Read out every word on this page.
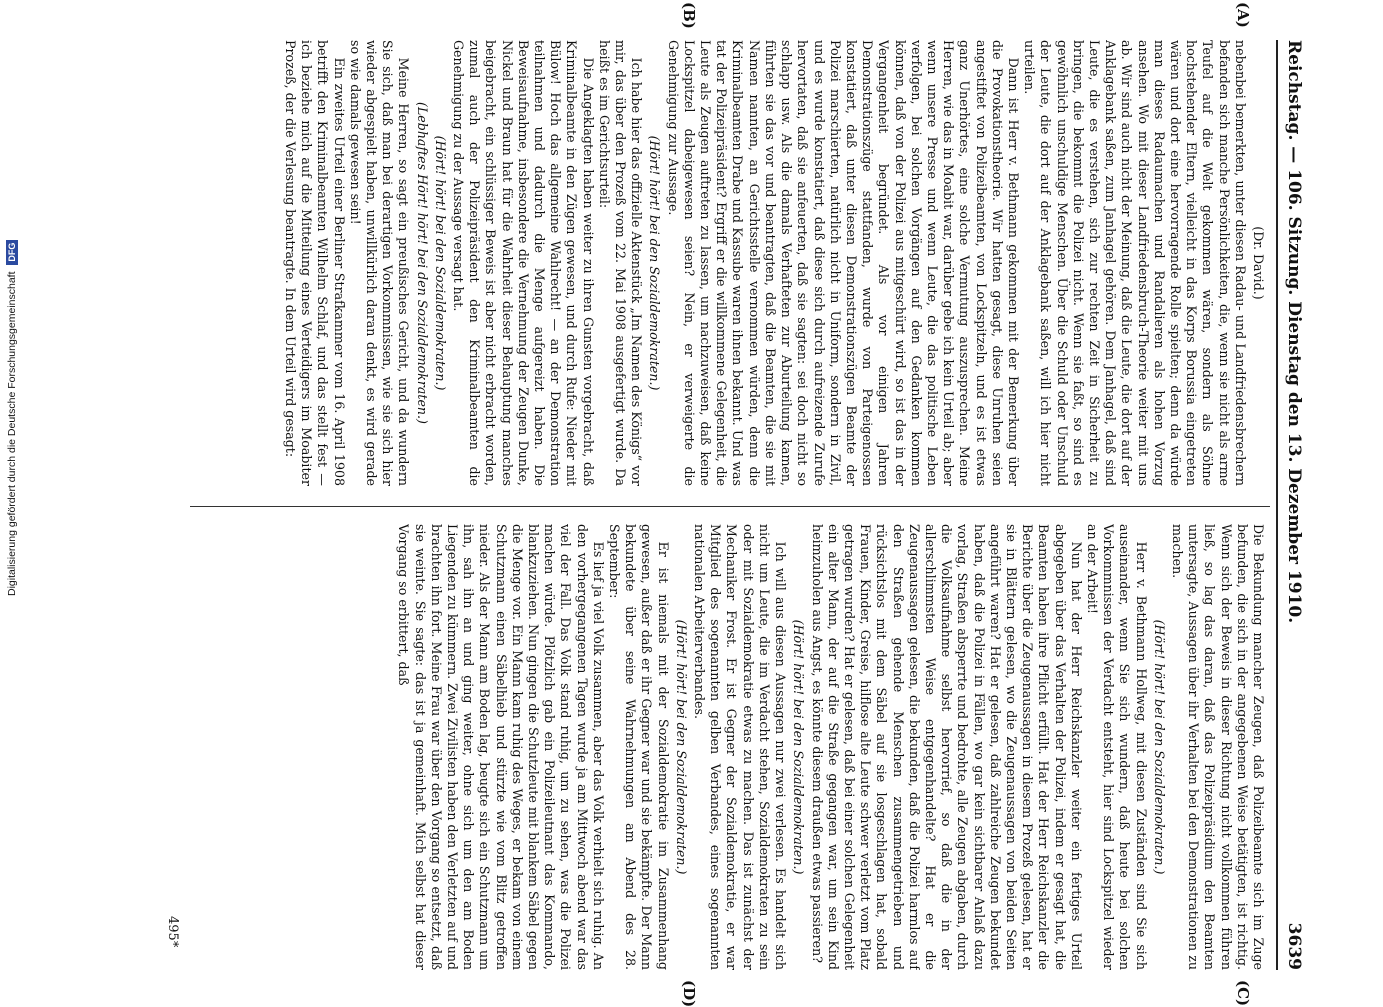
Reichstag. — 106. Sitzung. Dienstag den 13. Dezember 1910.
3639
(A)
(B)
(C)
(D)
(Dr. David.)

nebenbei bemerkten, unter diesen Radau- und Landfriedensbrechern befanden sich manche Persönlichkeiten, die, wenn sie nicht als arme Teufel auf die Welt gekommen wären, sondern als Söhne hochstehender Eltern, vielleicht in das Korps Borussia eingetreten wären und dort eine hervorragende Rolle spielten; denn da würde man dieses Radaumachen und Randalieren als hohen Vorzug ansehen. Wo mit dieser Landfriedensbruch-Theorie weiter mit uns ab. Wir sind auch nicht der Meinung, daß die Leute, die dort auf der Anklagebank saßen, zum Janhagel gehören. Dem Janhagel, daß sind Leute, die es verstehen, sich zur rechten Zeit in Sicherheit zu bringen, die bekommt die Polizei nicht. Wenn sie faßt, so sind es gewöhnlich unschuldige Menschen. Über die Schuld oder Unschuld der Leute, die dort auf der Anklagebank saßen, will ich hier nicht urteilen.

Dann ist Herr v. Bethmann gekommen mit der Bemerkung über die Provokationstheorie. Wir hatten gesagt, diese Unruhen seien angestiftet von Polizeibeamten, von Lockspitzeln, und es ist etwas ganz Unerhörtes, eine solche Vermutung auszusprechen. Meine Herren, wie das in Moabit war, darüber gebe ich kein Urteil ab; aber wenn unsere Presse und wenn Leute, die das politische Leben verfolgen, bei solchen Vorgängen auf den Gedanken kommen können, daß von der Polizei aus mitgeschürt wird, so ist das in der Vergangenheit begründet. Als vor einigen Jahren Demonstrationszüge stattfanden, wurde von Parteigenossen konstatiert, daß unter diesen Demonstrationszügen Beamte der Polizei marschierten, natürlich nicht in Uniform, sondern in Zivil, und es wurde konstatiert, daß diese sich durch aufreizende Zurufe hervortaten, daß sie anfeuerten, daß sie sagten: sei doch nicht so schlapp usw. Als die damals Verhafteten zur Aburteilung kamen, führten sie das vor und beantragten, daß die Beamten, die sie mit Namen nannten, an Gerichtsstelle vernommen würden, denn die Kriminalbeamten Drabe und Kassube waren ihnen bekannt. Und was tat der Polizeipräsident? Ergriff er die willkommene Gelegenheit, die Leute als Zeugen auftreten zu lassen, um nachzuweisen, daß keine Lockspitzel dabeigewesen seien? Nein, er verweigerte die Genehmigung zur Aussage.

(Hört! hört! bei den Sozialdemokraten.)

Ich habe hier das offizielle Aktenstück „Im Namen des Königs“ vor mir, das über den Prozeß vom 22. Mai 1908 ausgefertigt wurde. Da heißt es im Gerichtsurteil:

Die Angeklagten haben weiter zu ihren Gunsten vorgebracht, daß Kriminalbeamte in den Zügen gewesen, und durch Rufe: Nieder mit Bülow! Hoch das allgemeine Wahlrecht! — an der Demonstration teilnahmen und dadurch die Menge aufgereizt haben. Die Beweisaufnahme, insbesondere die Vernehmung der Zeugen Dunke, Nickel und Braun hat für die Wahrheit dieser Behauptung manches beigebracht, ein schlüssiger Beweis ist aber nicht erbracht worden, zumal auch der Polizeipräsident den Kriminalbeamten die Genehmigung zu der Aussage versagt hat.

(Hört! hört! bei den Sozialdemokraten.)
(Lebhaftes Hört! hört! bei den Sozialdemokraten.)

Meine Herren, so sagt ein preußisches Gericht, und da wundern Sie sich, daß man bei derartigen Vorkommnissen, wie sie sich hier wieder abgespielt haben, unwillkürlich daran denkt, es wird gerade so wie damals gewesen sein!

Ein zweites Urteil einer Berliner Strafkammer vom 16. April 1908 betrifft den Kriminalbeamten Wilhelm Schlaf, und das stellt fest — ich beziehe mich auf die Mitteilung eines Verteidigers im Moabiter Prozeß, der die Verlesung beantragte. In dem Urteil wird gesagt:

Die Bekundung mancher Zeugen, daß Polizeibeamte sich im Zuge befunden, die sich in der angegebenen Weise betätigten, ist richtig. Wenn sich der Beweis in dieser Richtung nicht vollkommen führen ließ, so lag das daran, daß das Polizeipräsidium den Beamten untersagte, Aussagen über ihr Verhalten bei den Demonstrationen zu machen.

(Hört! hört! bei den Sozialdemokraten.)

Herr v. Bethmann Hollweg, mit diesen Zuständen sind Sie sich auseinander, wenn Sie sich wundern, daß heute bei solchen Vorkommnissen der Verdacht entsteht, hier sind Lockspitzel wieder an der Arbeit!

Nun hat der Herr Reichskanzler weiter ein fertiges Urteil abgegeben über das Verhalten der Polizei, indem er gesagt hat, die Beamten haben ihre Pflicht erfüllt. Hat der Herr Reichskanzler die Berichte über die Zeugenaussagen in diesem Prozeß gelesen, hat er sie in Blättern gelesen, wo die Zeugenaussagen von beiden Seiten angeführt waren? Hat er gelesen, daß zahlreiche Zeugen bekundet haben, daß die Polizei in Fällen, wo gar kein sichtbarer Anlaß dazu vorlag, Straßen absperrte und bedrohte, alle Zeugen abgaben, durch die Volksaufnahme selbst hervorrief, so daß die in der allerschlimmsten Weise entgegenhandelte? Hat er die Zeugenaussagen gelesen, die bekunden, daß die Polizei harmlos auf den Straßen gehende Menschen zusammengetrieben und rücksichtslos mit dem Säbel auf sie losgeschlagen hat, sobald Frauen, Kinder, Greise, hilflose alte Leute schwer verletzt vom Platz getragen wurden? Hat er gelesen, daß bei einer solchen Gelegenheit ein alter Mann, der auf die Straße gegangen war, um sein Kind heimzuholen aus Angst, es könnte diesem draußen etwas passieren?

(Hört! hört! bei den Sozialdemokraten.)

Ich will aus diesen Aussagen nur zwei verlesen. Es handelt sich nicht um Leute, die im Verdacht stehen, Sozialdemokraten zu sein oder mit Sozialdemokratie etwas zu machen. Das ist zunächst der Mechaniker Frost. Er ist Gegner der Sozialdemokratie, er war Mitglied des sogenannten gelben Verbandes, eines sogenannten nationalen Arbeiterverbandes.

(Hört! hört! bei den Sozialdemokraten.)

Er ist niemals mit der Sozialdemokratie im Zusammenhang gewesen, außer daß er ihr Gegner war und sie bekämpfte. Der Mann bekundete über seine Wahrnehmungen am Abend des 28. September:

Es lief ja viel Volk zusammen, aber das Volk verhielt sich ruhig. An den vorhergegangenen Tagen wurde ja am Mittwoch abend war das viel der Fall. Das Volk stand ruhig, um zu sehen, was die Polizei machen würde. Plötzlich gab ein Polizeileutnant das Kommando, blankzuziehen. Nun gingen die Schutzleute mit blankem Säbel gegen die Menge vor. Ein Mann kam ruhig des Weges, er bekam von einem Schutzmann einen Säbelhieb und stürzte wie vom Blitz getroffen nieder. Als der Mann am Boden lag, beugte sich ein Schutzmann um ihn, sah ihn an und ging weiter, ohne sich um den am Boden Liegenden zu kümmern. Zwei Zivilisten haben den Verletzten auf und brachten ihn fort. Meine Frau war über den Vorgang so entsetzt, daß sie weinte. Sie sagte: das ist ja gemeinhaft. Mich selbst hat dieser Vorgang so erbittert, daß

495*
Digitalisierung gefördert durch die Deutsche Forschungsgemeinschaft DFG
